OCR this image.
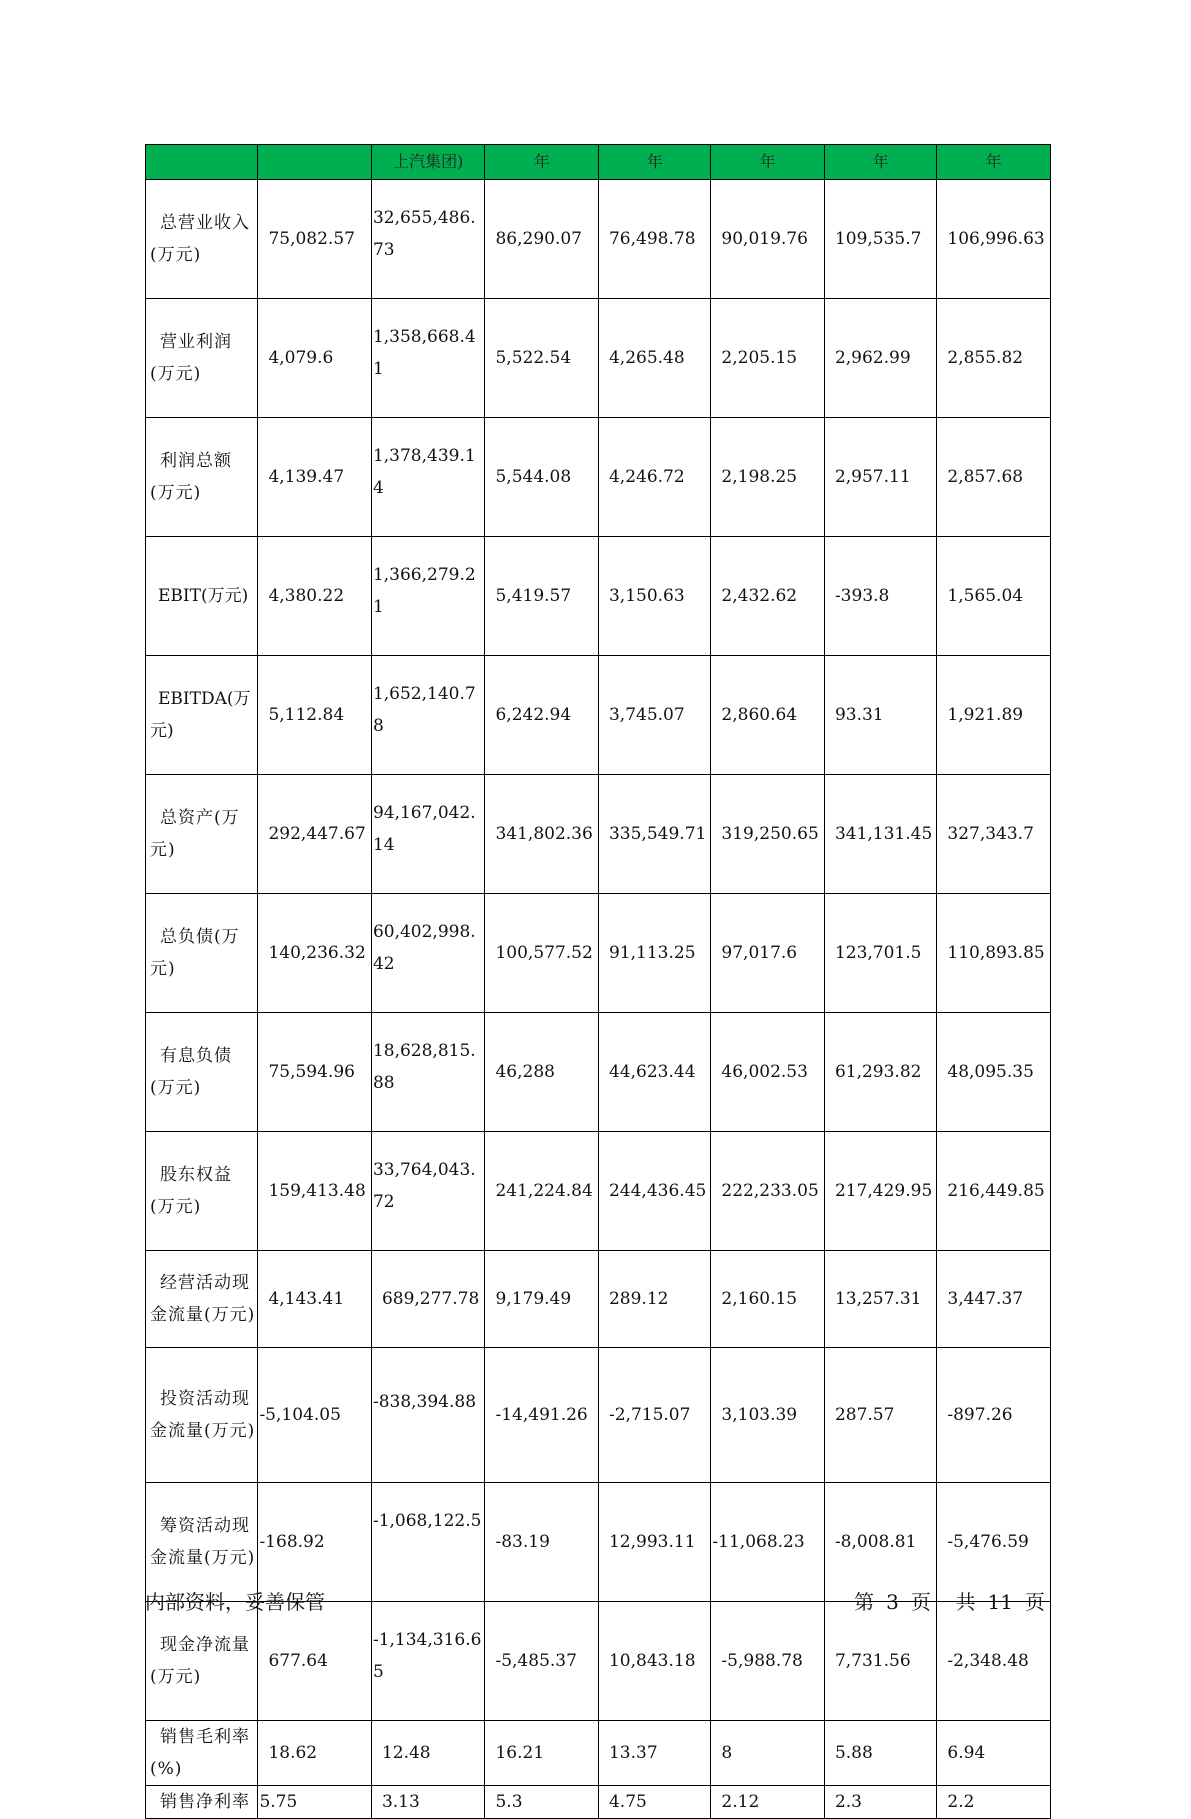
		上汽集团)	年	年	年	年	年
总营业收入(万元)	75,082.57	32,655,486.73	86,290.07	76,498.78	90,019.76	109,535.7	106,996.63
营业利润(万元)	4,079.6	1,358,668.41	5,522.54	4,265.48	2,205.15	2,962.99	2,855.82
利润总额(万元)	4,139.47	1,378,439.14	5,544.08	4,246.72	2,198.25	2,957.11	2,857.68
EBIT(万元)	4,380.22	1,366,279.21	5,419.57	3,150.63	2,432.62	-393.8	1,565.04
EBITDA(万元)	5,112.84	1,652,140.78	6,242.94	3,745.07	2,860.64	93.31	1,921.89
总资产(万元)	292,447.67	94,167,042.14	341,802.36	335,549.71	319,250.65	341,131.45	327,343.7
总负债(万元)	140,236.32	60,402,998.42	100,577.52	91,113.25	97,017.6	123,701.5	110,893.85
有息负债(万元)	75,594.96	18,628,815.88	46,288	44,623.44	46,002.53	61,293.82	48,095.35
股东权益(万元)	159,413.48	33,764,043.72	241,224.84	244,436.45	222,233.05	217,429.95	216,449.85
经营活动现金流量(万元)	4,143.41	689,277.78	9,179.49	289.12	2,160.15	13,257.31	3,447.37
投资活动现金流量(万元)	-5,104.05	-838,394.88	-14,491.26	-2,715.07	3,103.39	287.57	-897.26
筹资活动现金流量(万元)	-168.92	-1,068,122.5	-83.19	12,993.11	-11,068.23	-8,008.81	-5,476.59
现金净流量(万元)	677.64	-1,134,316.65	-5,485.37	10,843.18	-5,988.78	7,731.56	-2,348.48
销售毛利率(%)	18.62	12.48	16.21	13.37	8	5.88	6.94
销售净利率	5.75	3.13	5.3	4.75	2.12	2.3	2.2
内部资料，妥善保管	第 3 页 共 11 页
